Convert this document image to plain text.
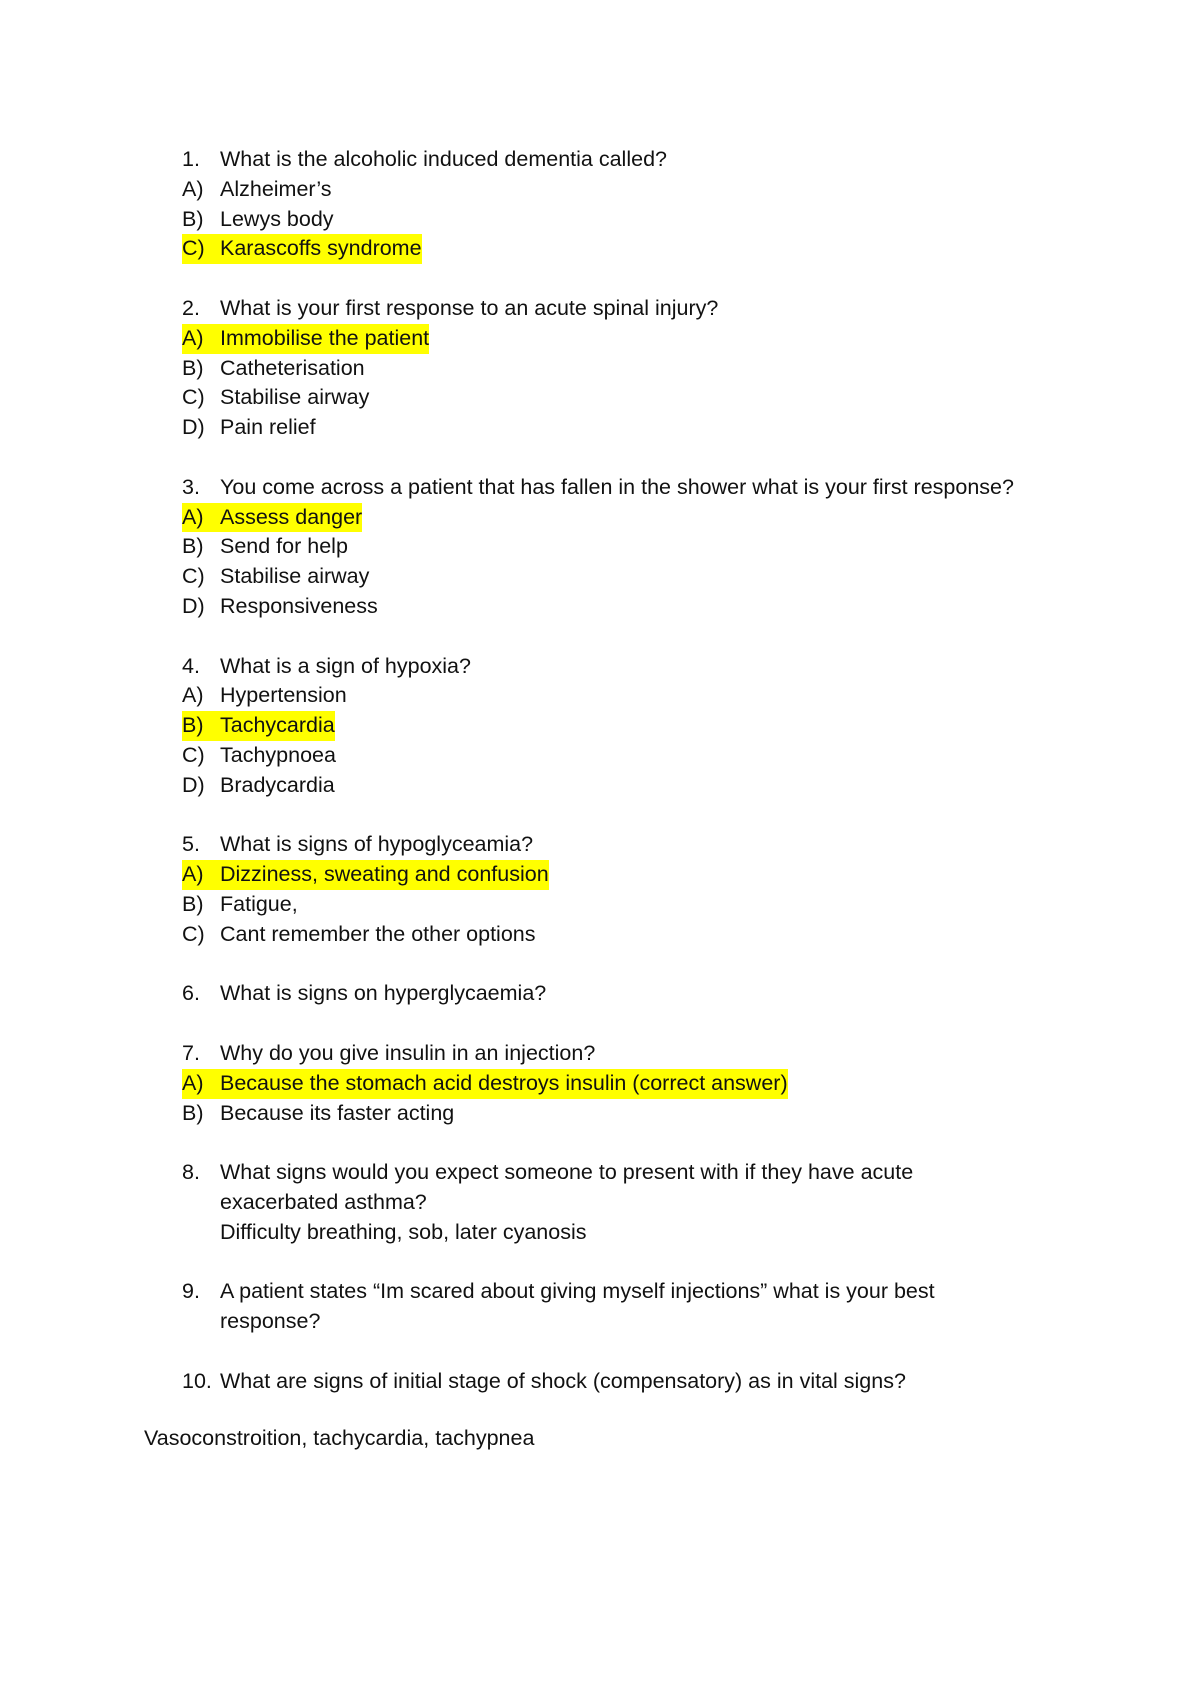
1. What is the alcoholic induced dementia called?
A) Alzheimer’s
B) Lewys body
C) Karascoffs syndrome
2. What is your first response to an acute spinal injury?
A) Immobilise the patient
B) Catheterisation
C) Stabilise airway
D) Pain relief
3. You come across a patient that has fallen in the shower what is your first response?
A) Assess danger
B) Send for help
C) Stabilise airway
D) Responsiveness
4. What is a sign of hypoxia?
A) Hypertension
B) Tachycardia
C) Tachypnoea
D) Bradycardia
5. What is signs of hypoglyceamia?
A) Dizziness, sweating and confusion
B) Fatigue,
C) Cant remember the other options
6. What is signs on hyperglycaemia?
7. Why do you give insulin in an injection?
A) Because the stomach acid destroys insulin (correct answer)
B) Because its faster acting
8. What signs would you expect someone to present with if they have acute
exacerbated asthma?
Difficulty breathing, sob, later cyanosis
9. A patient states “Im scared about giving myself injections” what is your best
response?
10. What are signs of initial stage of shock (compensatory) as in vital signs?
Vasoconstroition, tachycardia, tachypnea
